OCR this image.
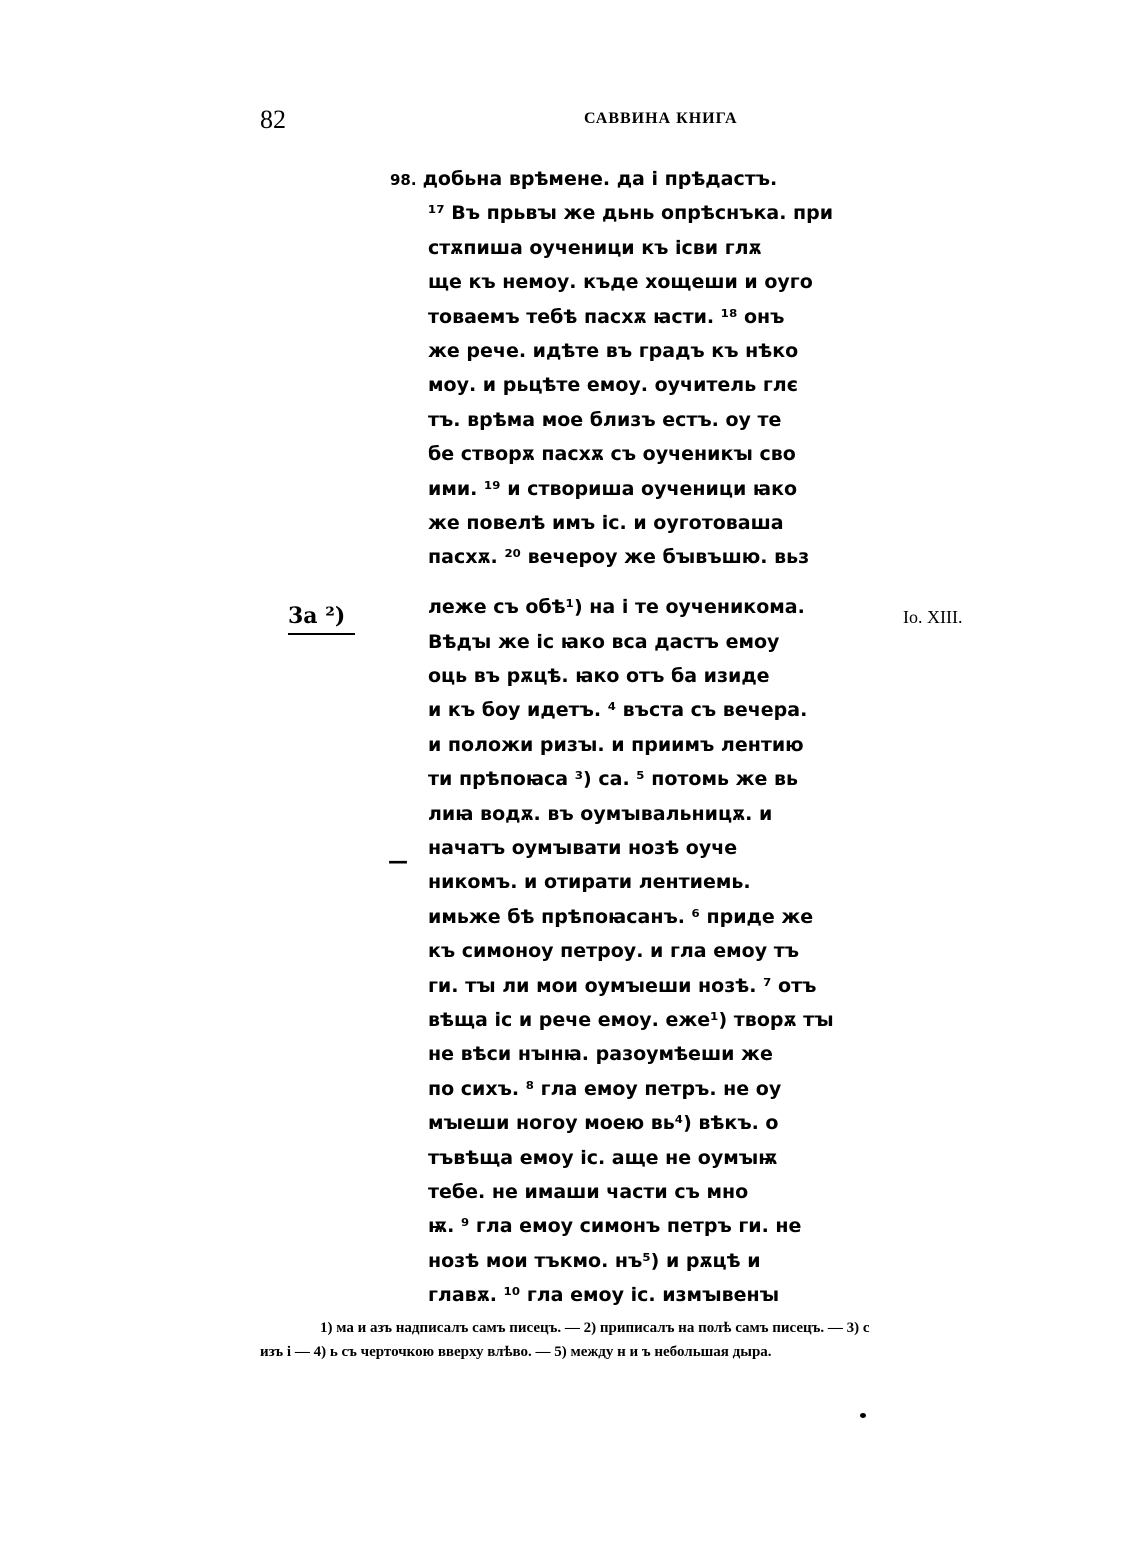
82	САВВИНА КНИГА
98. добьна врѣмене. да і прѣдастъ.
¹⁷ Въ прьвꙑ же дьнь опрѣснъка. при
стѫпиша оученици къ ісви глѫ
ще къ немоу. къде хощеши и оуго
товаемъ тебѣ пасхѫ ꙗсти. ¹⁸ онъ
же рече. идѣте въ градъ къ нѣко
моу. и рьцѣте емоу. оучитель глє
тъ. врѣма мое близъ естъ. оу те
бе створѫ пасхѫ съ оученикꙑ сво
ими. ¹⁹ и створиша оученици ꙗко
же повелѣ имъ іс. и оуготоваша
пасхѫ. ²⁰ вечероу же бꙑвъшю. вьз
леже съ обѣ¹) на і те оученикома.
Вѣдꙑ же іс ꙗко вса дастъ емоу
оць въ рѫцѣ. ꙗко отъ ба изиде
и къ боу идетъ. ⁴ въста съ вечера.
и положи ризꙑ. и приимъ лентию
ти прѣпоꙗса ³) са. ⁵ потомь же вь
лиꙗ водѫ. въ оумꙑвальницѫ. и
начатъ оумꙑвати нозѣ оуче
никомъ. и отирати лентиемь.
имьже бѣ прѣпоꙗсанъ. ⁶ приде же
къ симоноу петроу. и гла емоу тъ
ги. тꙑ ли мои оумꙑеши нозѣ. ⁷ отъ
вѣща іс и рече емоу. еже¹) творѫ тꙑ
не вѣси нꙑнꙗ. разоумѣеши же
по сихъ. ⁸ гла емоу петръ. не оу
мꙑеши ногоу моею вь⁴) вѣкъ. о
тъвѣща емоу іс. аще не оумꙑѭ
тебе. не имаши части съ мно
ѭ. ⁹ гла емоу симонъ петръ ги. не
нозѣ мои тъкмо. нъ⁵) и рѫцѣ и
главѫ. ¹⁰ гла емоу іс. измꙑвенꙑ
3а ²)	Io. XIII.
—
1) ма и азъ надписалъ самъ писецъ. — 2) приписалъ на полѣ самъ писецъ. — 3) с
изъ і — 4) ь съ черточкою вверху влѣво. — 5) между н и ъ небольшая дыра.
